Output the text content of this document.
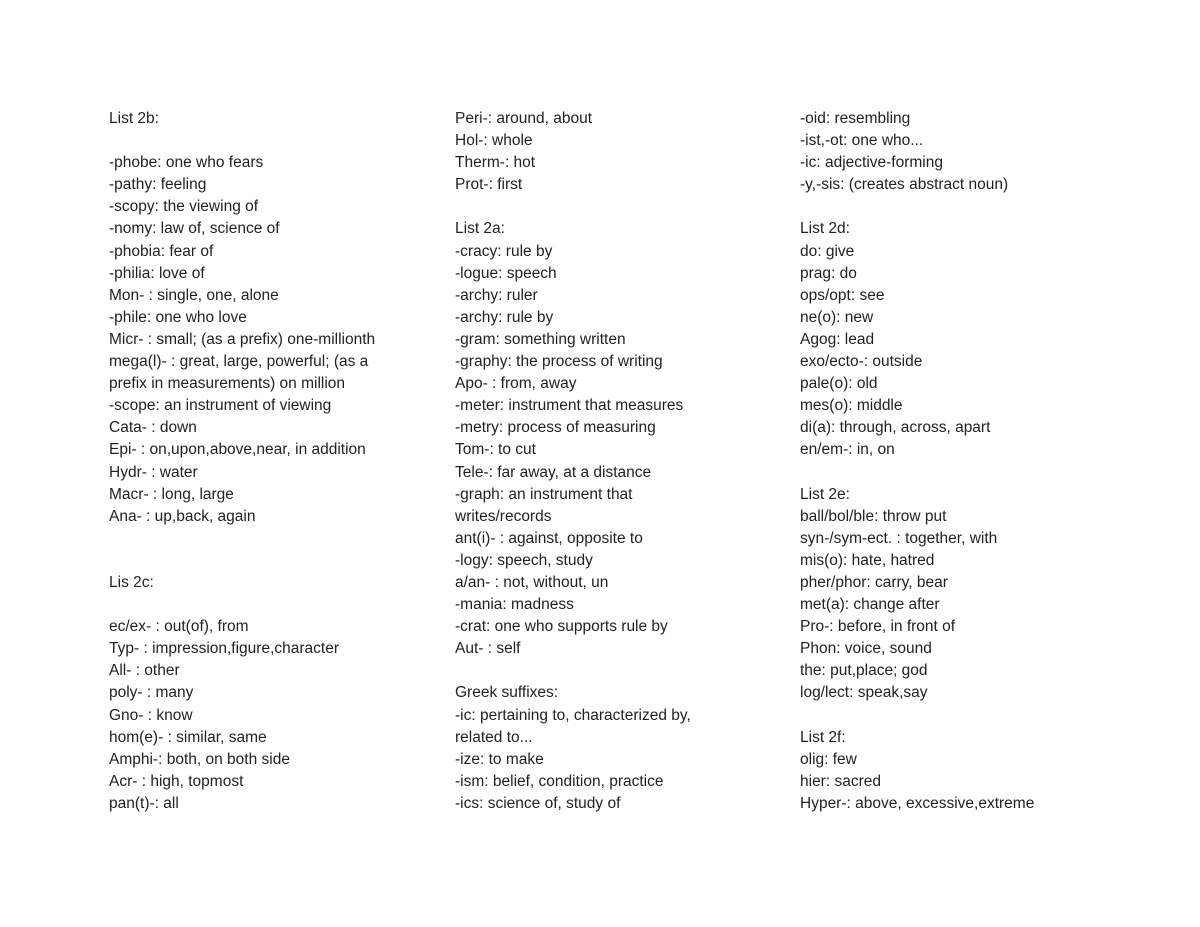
List 2b:
-phobe: one who fears
-pathy: feeling
-scopy: the viewing of
-nomy: law of, science of
-phobia: fear of
-philia: love of
Mon- : single, one, alone
-phile: one who love
Micr- : small; (as a prefix) one-millionth
mega(l)- : great, large, powerful; (as a
prefix in measurements) on million
-scope: an instrument of viewing
Cata- : down
Epi- : on,upon,above,near, in addition
Hydr- : water
Macr- : long, large
Ana- : up,back, again
Lis 2c:
ec/ex- : out(of), from
Typ- : impression,figure,character
All- : other
poly- : many
Gno- : know
hom(e)- : similar, same
Amphi-: both, on both side
Acr- : high, topmost
pan(t)-: all
Peri-: around, about
Hol-: whole
Therm-: hot
Prot-: first
List 2a:
-cracy: rule by
-logue: speech
-archy: ruler
-archy: rule by
-gram: something written
-graphy: the process of writing
Apo- : from, away
-meter: instrument that measures
-metry: process of measuring
Tom-: to cut
Tele-: far away, at a distance
-graph: an instrument that
writes/records
ant(i)- : against, opposite to
-logy: speech, study
a/an- : not, without, un
-mania: madness
-crat: one who supports rule by
Aut- : self
Greek suffixes:
-ic: pertaining to, characterized by,
related to...
-ize: to make
-ism: belief, condition, practice
-ics: science of, study of
-oid: resembling
-ist,-ot: one who...
-ic: adjective-forming
-y,-sis: (creates abstract noun)
List 2d:
do: give
prag: do
ops/opt: see
ne(o): new
Agog: lead
exo/ecto-: outside
pale(o): old
mes(o): middle
di(a): through, across, apart
en/em-: in, on
List 2e:
ball/bol/ble: throw put
syn-/sym-ect. : together, with
mis(o): hate, hatred
pher/phor: carry, bear
met(a): change after
Pro-: before, in front of
Phon: voice, sound
the: put,place; god
log/lect: speak,say
List 2f:
olig: few
hier: sacred
Hyper-: above, excessive,extreme
